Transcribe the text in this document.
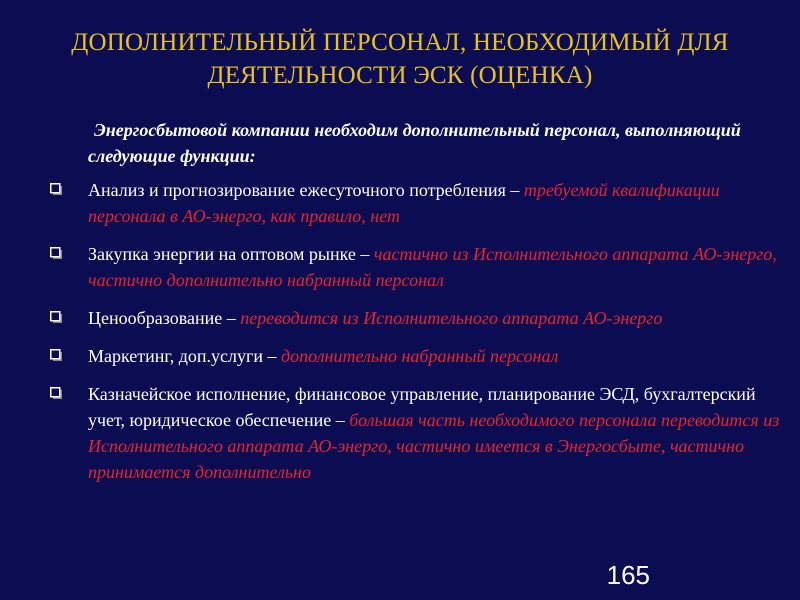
ДОПОЛНИТЕЛЬНЫЙ ПЕРСОНАЛ, НЕОБХОДИМЫЙ ДЛЯ
ДЕЯТЕЛЬНОСТИ ЭСК (ОЦЕНКА)
Энергосбытовой компании необходим дополнительный персонал, выполняющий следующие функции:
Анализ и прогнозирование ежесуточного потребления – требуемой квалификации персонала в АО-энерго, как правило, нет
Закупка энергии на оптовом рынке – частично из Исполнительного аппарата АО-энерго, частично дополнительно набранный персонал
Ценообразование – переводится из Исполнительного аппарата АО-энерго
Маркетинг, доп.услуги – дополнительно набранный персонал
Казначейское исполнение, финансовое управление, планирование ЭСД, бухгалтерский учет, юридическое обеспечение – большая часть необходимого персонала переводится из Исполнительного аппарата АО-энерго, частично имеется в Энергосбыте, частично принимается дополнительно
165
